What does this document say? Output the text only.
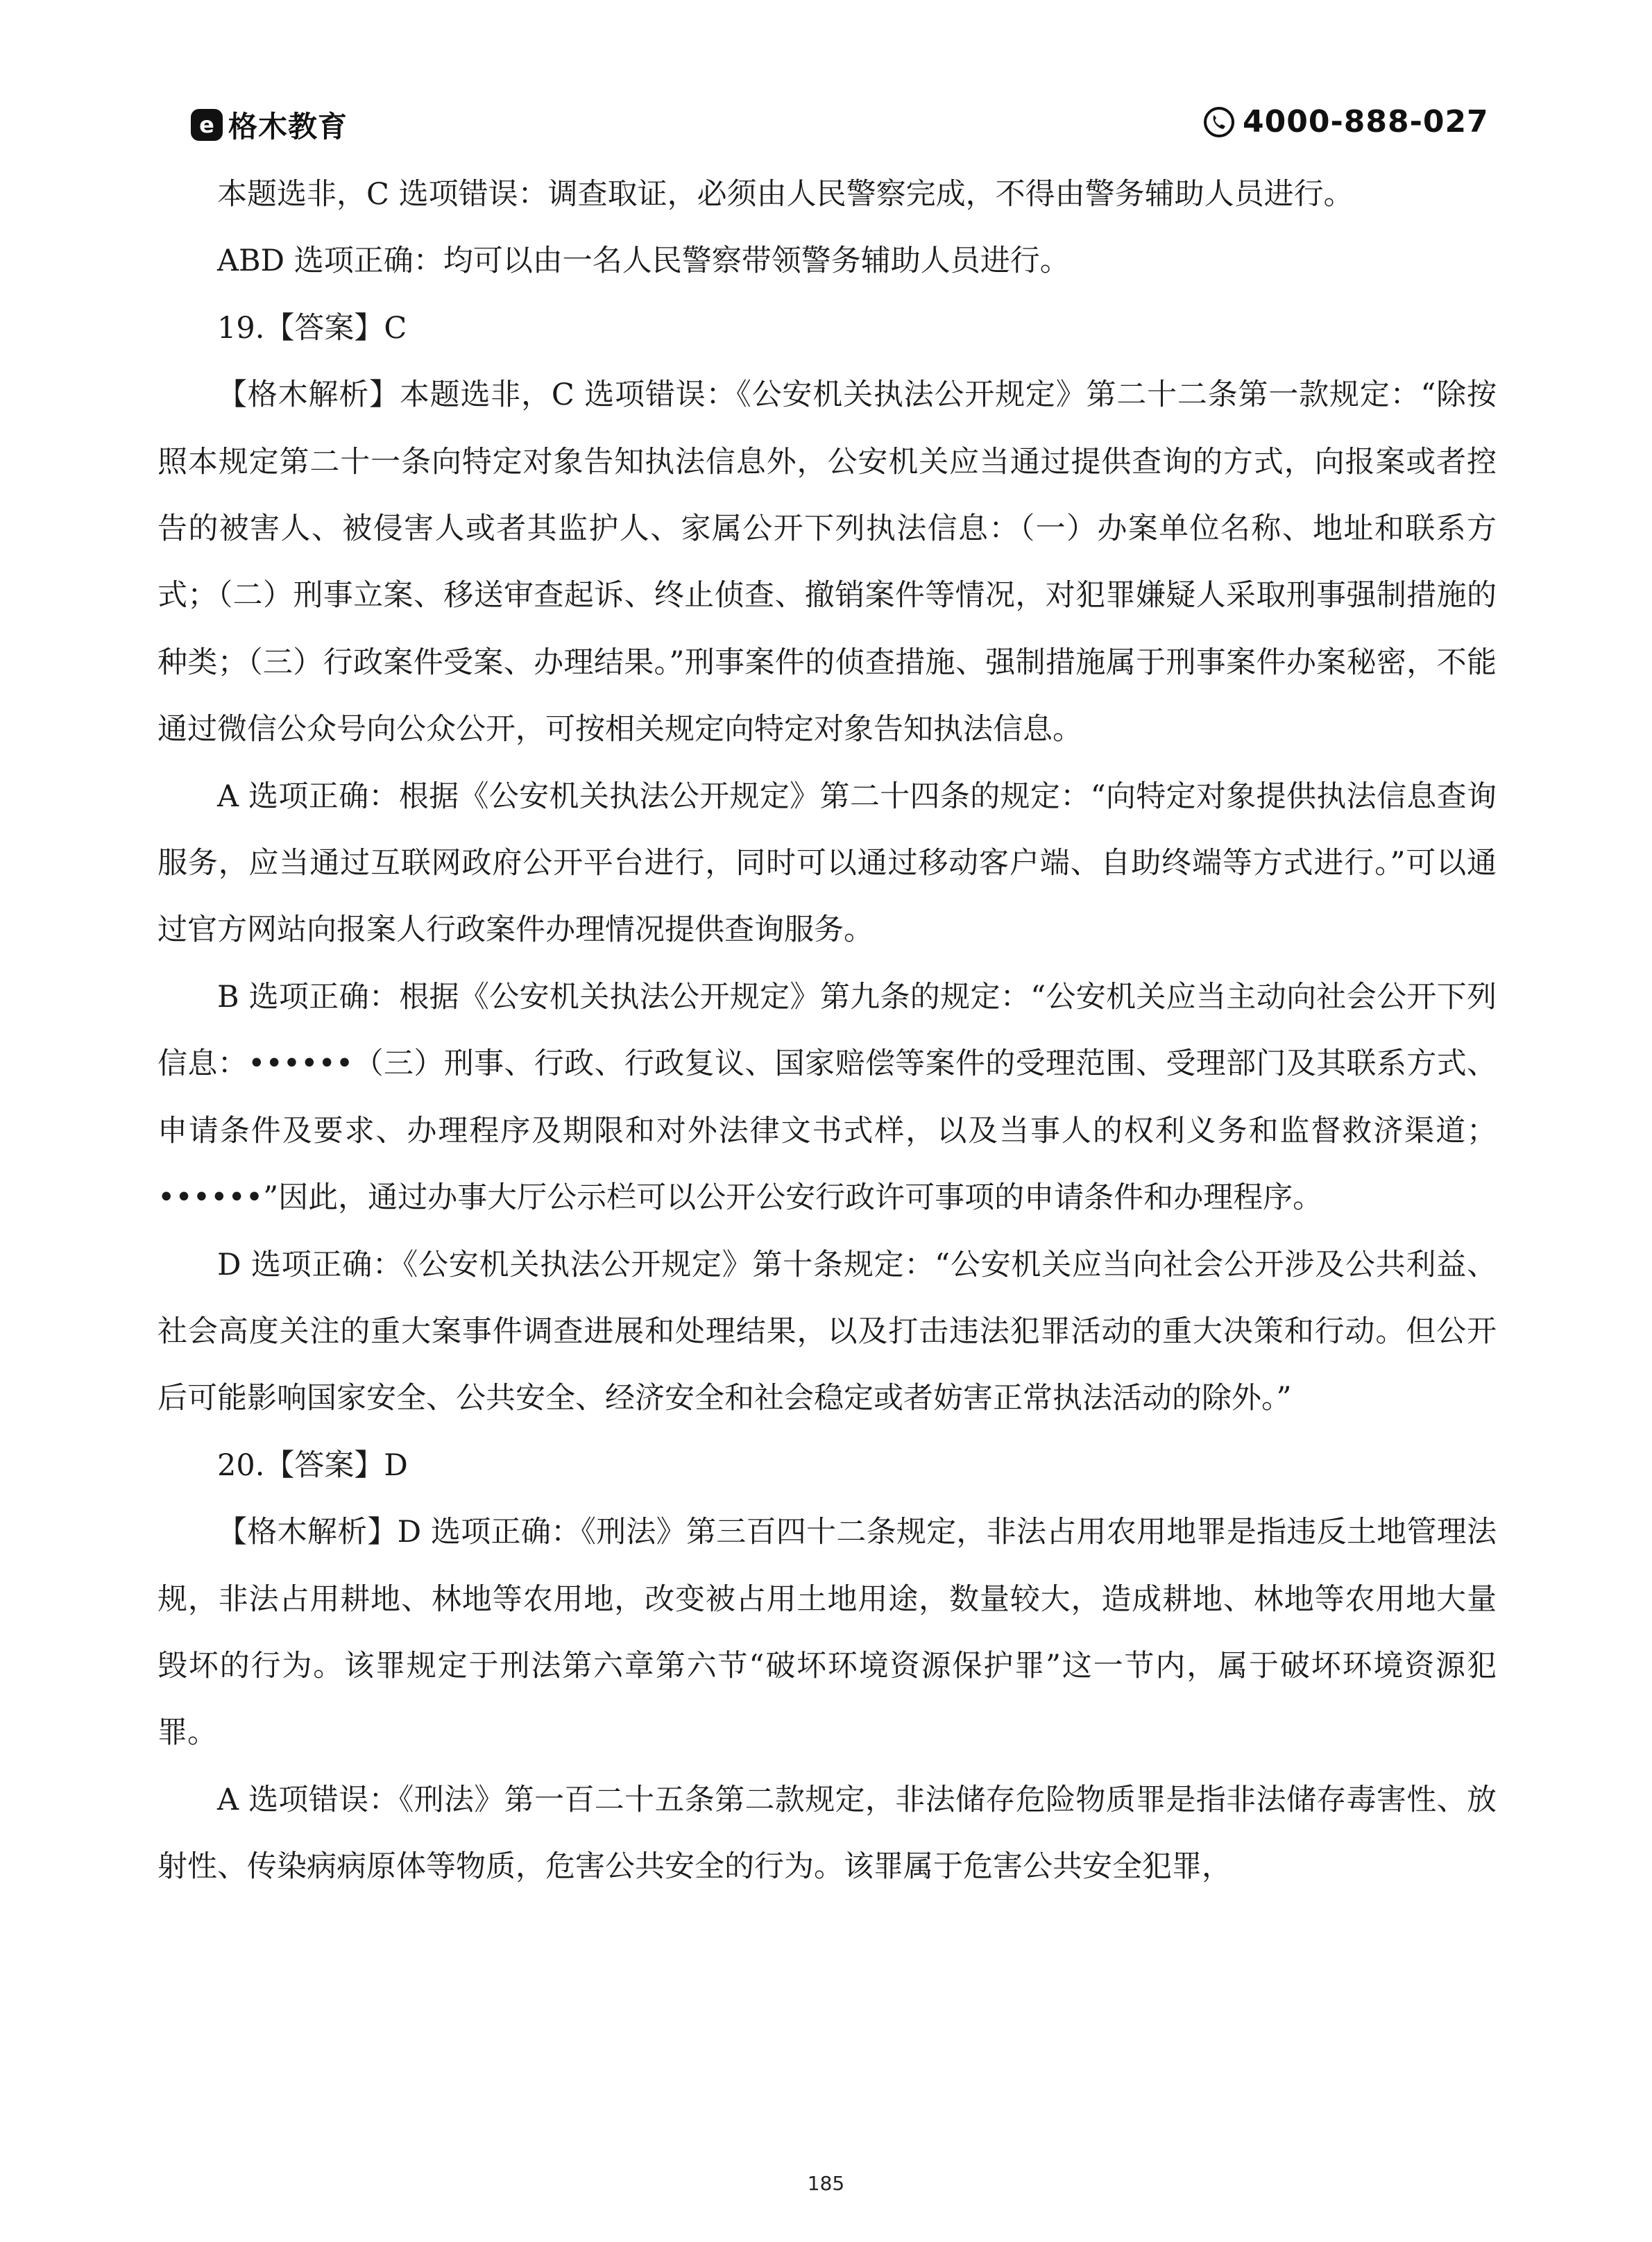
e 格木教育	4000-888-027

本题选非，C 选项错误：调查取证，必须由人民警察完成，不得由警务辅助人员进行。

ABD 选项正确：均可以由一名人民警察带领警务辅助人员进行。

19.【答案】C

【格木解析】本题选非，C 选项错误：《公安机关执法公开规定》第二十二条第一款规定：“除按照本规定第二十一条向特定对象告知执法信息外，公安机关应当通过提供查询的方式，向报案或者控告的被害人、被侵害人或者其监护人、家属公开下列执法信息：（一）办案单位名称、地址和联系方式；（二）刑事立案、移送审查起诉、终止侦查、撤销案件等情况，对犯罪嫌疑人采取刑事强制措施的种类；（三）行政案件受案、办理结果。”刑事案件的侦查措施、强制措施属于刑事案件办案秘密，不能通过微信公众号向公众公开，可按相关规定向特定对象告知执法信息。

A 选项正确：根据《公安机关执法公开规定》第二十四条的规定：“向特定对象提供执法信息查询服务，应当通过互联网政府公开平台进行，同时可以通过移动客户端、自助终端等方式进行。”可以通过官方网站向报案人行政案件办理情况提供查询服务。

B 选项正确：根据《公安机关执法公开规定》第九条的规定：“公安机关应当主动向社会公开下列信息：••••••（三）刑事、行政、行政复议、国家赔偿等案件的受理范围、受理部门及其联系方式、申请条件及要求、办理程序及期限和对外法律文书式样，以及当事人的权利义务和监督救济渠道；••••••”因此，通过办事大厅公示栏可以公开公安行政许可事项的申请条件和办理程序。

D 选项正确：《公安机关执法公开规定》第十条规定：“公安机关应当向社会公开涉及公共利益、社会高度关注的重大案事件调查进展和处理结果，以及打击违法犯罪活动的重大决策和行动。但公开后可能影响国家安全、公共安全、经济安全和社会稳定或者妨害正常执法活动的除外。”

20.【答案】D

【格木解析】D 选项正确：《刑法》第三百四十二条规定，非法占用农用地罪是指违反土地管理法规，非法占用耕地、林地等农用地，改变被占用土地用途，数量较大，造成耕地、林地等农用地大量毁坏的行为。该罪规定于刑法第六章第六节“破坏环境资源保护罪”这一节内，属于破坏环境资源犯罪。

A 选项错误：《刑法》第一百二十五条第二款规定，非法储存危险物质罪是指非法储存毒害性、放射性、传染病病原体等物质，危害公共安全的行为。该罪属于危害公共安全犯罪，

185
